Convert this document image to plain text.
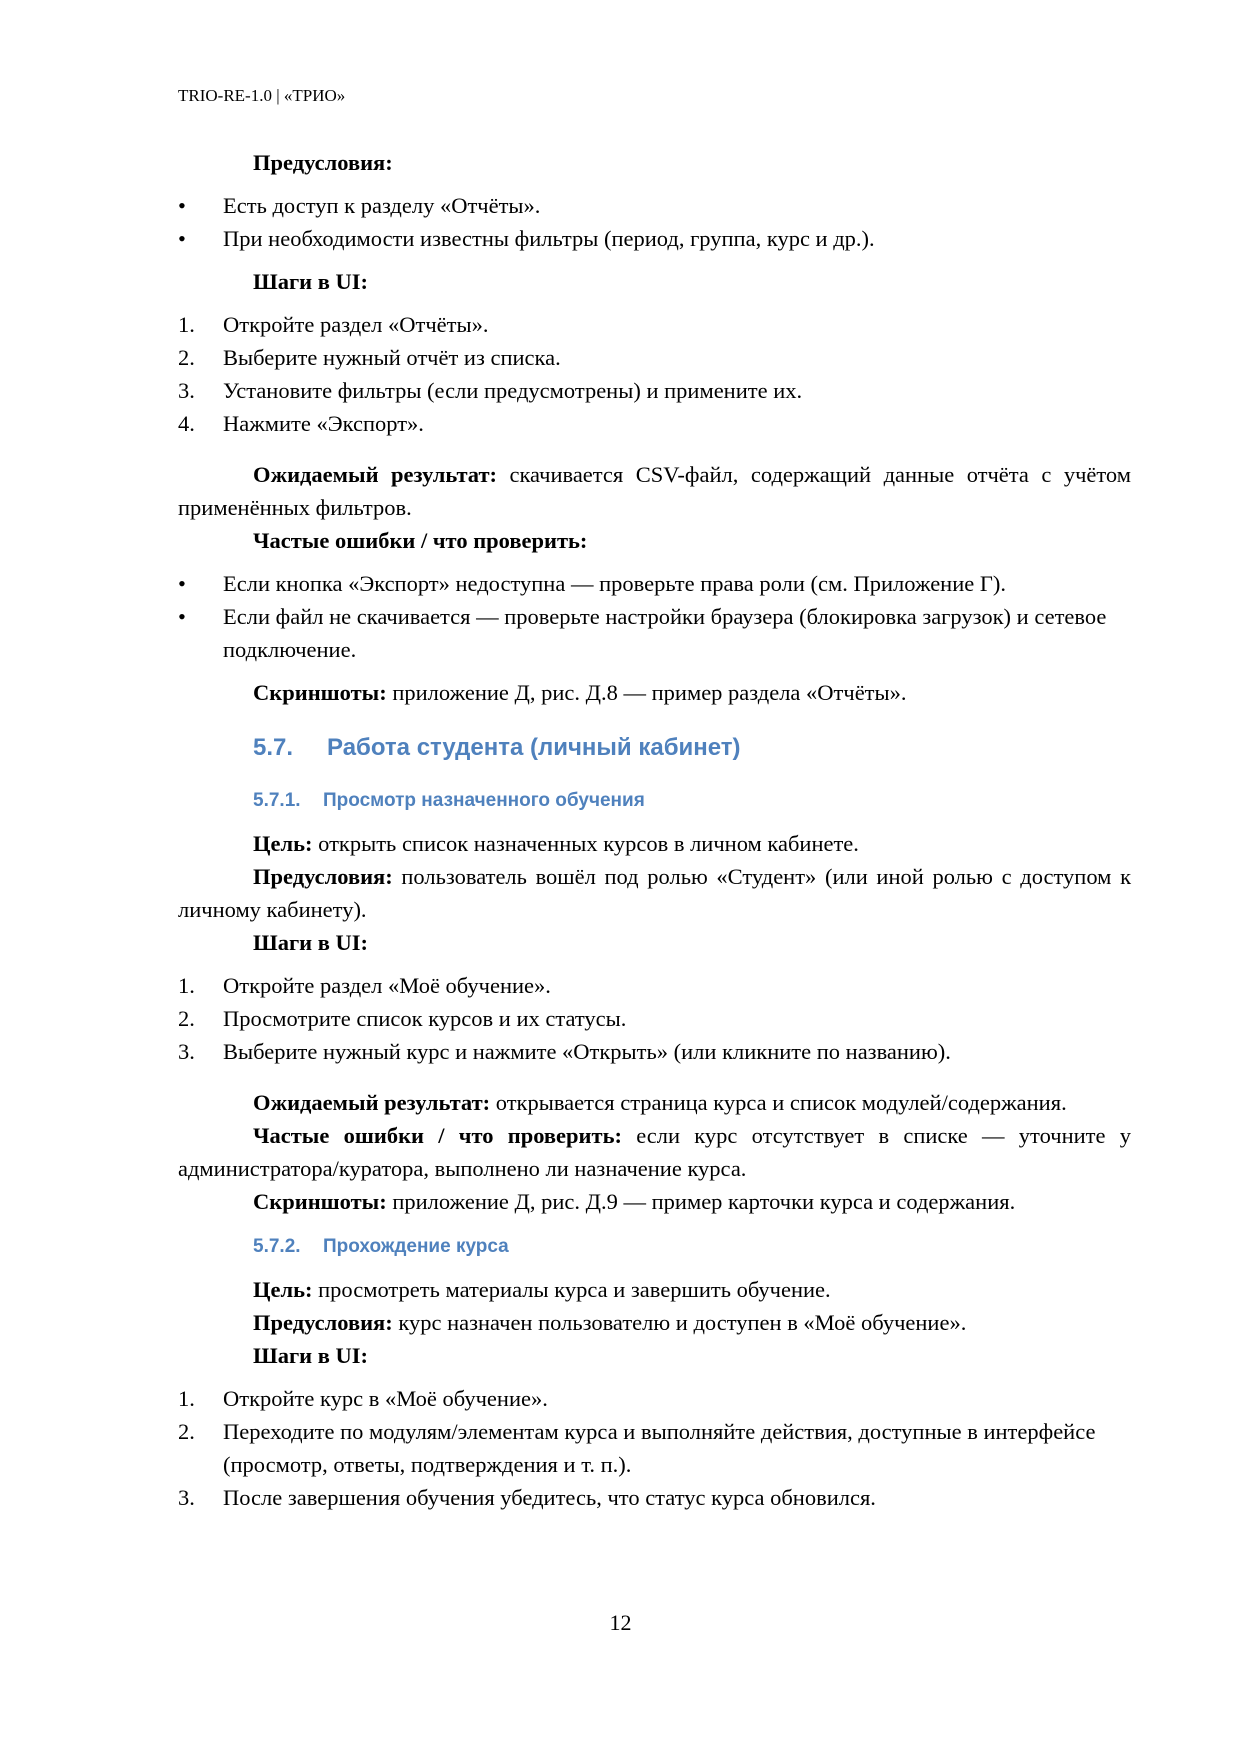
TRIO-RE-1.0 | «ТРИО»
Предусловия:
• Есть доступ к разделу «Отчёты».
• При необходимости известны фильтры (период, группа, курс и др.).
Шаги в UI:
1. Откройте раздел «Отчёты».
2. Выберите нужный отчёт из списка.
3. Установите фильтры (если предусмотрены) и примените их.
4. Нажмите «Экспорт».
Ожидаемый результат: скачивается CSV-файл, содержащий данные отчёта с учётом применённых фильтров.
Частые ошибки / что проверить:
• Если кнопка «Экспорт» недоступна — проверьте права роли (см. Приложение Г).
• Если файл не скачивается — проверьте настройки браузера (блокировка загрузок) и сетевое подключение.
Скриншоты: приложение Д, рис. Д.8 — пример раздела «Отчёты».
5.7. Работа студента (личный кабинет)
5.7.1. Просмотр назначенного обучения
Цель: открыть список назначенных курсов в личном кабинете.
Предусловия: пользователь вошёл под ролью «Студент» (или иной ролью с доступом к личному кабинету).
Шаги в UI:
1. Откройте раздел «Моё обучение».
2. Просмотрите список курсов и их статусы.
3. Выберите нужный курс и нажмите «Открыть» (или кликните по названию).
Ожидаемый результат: открывается страница курса и список модулей/содержания.
Частые ошибки / что проверить: если курс отсутствует в списке — уточните у администратора/куратора, выполнено ли назначение курса.
Скриншоты: приложение Д, рис. Д.9 — пример карточки курса и содержания.
5.7.2. Прохождение курса
Цель: просмотреть материалы курса и завершить обучение.
Предусловия: курс назначен пользователю и доступен в «Моё обучение».
Шаги в UI:
1. Откройте курс в «Моё обучение».
2. Переходите по модулям/элементам курса и выполняйте действия, доступные в интерфейсе (просмотр, ответы, подтверждения и т. п.).
3. После завершения обучения убедитесь, что статус курса обновился.
12
